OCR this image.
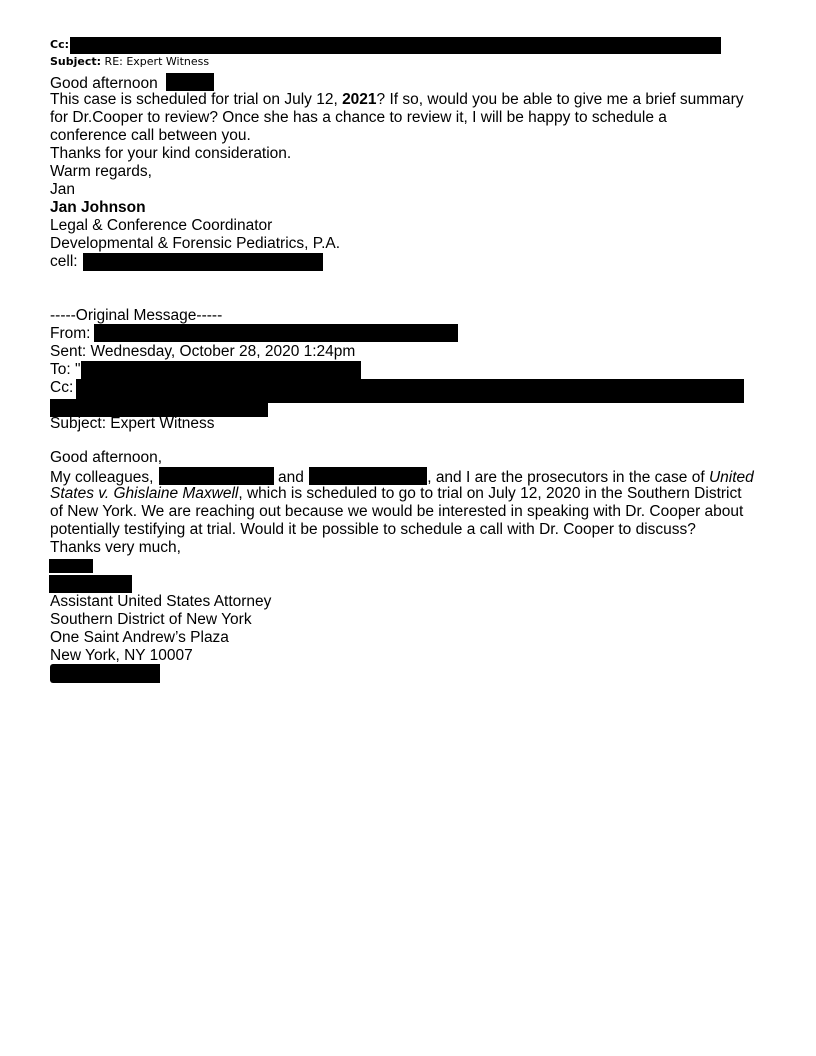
Cc:
Subject: RE: Expert Witness
Good afternoon
This case is scheduled for trial on July 12, 2021? If so, would you be able to give me a brief summary
for Dr.Cooper to review? Once she has a chance to review it, I will be happy to schedule a
conference call between you.
Thanks for your kind consideration.
Warm regards,
Jan
Jan Johnson
Legal & Conference Coordinator
Developmental & Forensic Pediatrics, P.A.
cell:
-----Original Message-----
From:
Sent: Wednesday, October 28, 2020 1:24pm
To: "
Cc:
Subject: Expert Witness
Good afternoon,
My colleagues,	and	, and I are the prosecutors in the case of United
States v. Ghislaine Maxwell, which is scheduled to go to trial on July 12, 2020 in the Southern District
of New York. We are reaching out because we would be interested in speaking with Dr. Cooper about
potentially testifying at trial. Would it be possible to schedule a call with Dr. Cooper to discuss?
Thanks very much,
Assistant United States Attorney
Southern District of New York
One Saint Andrew’s Plaza
New York, NY 10007
